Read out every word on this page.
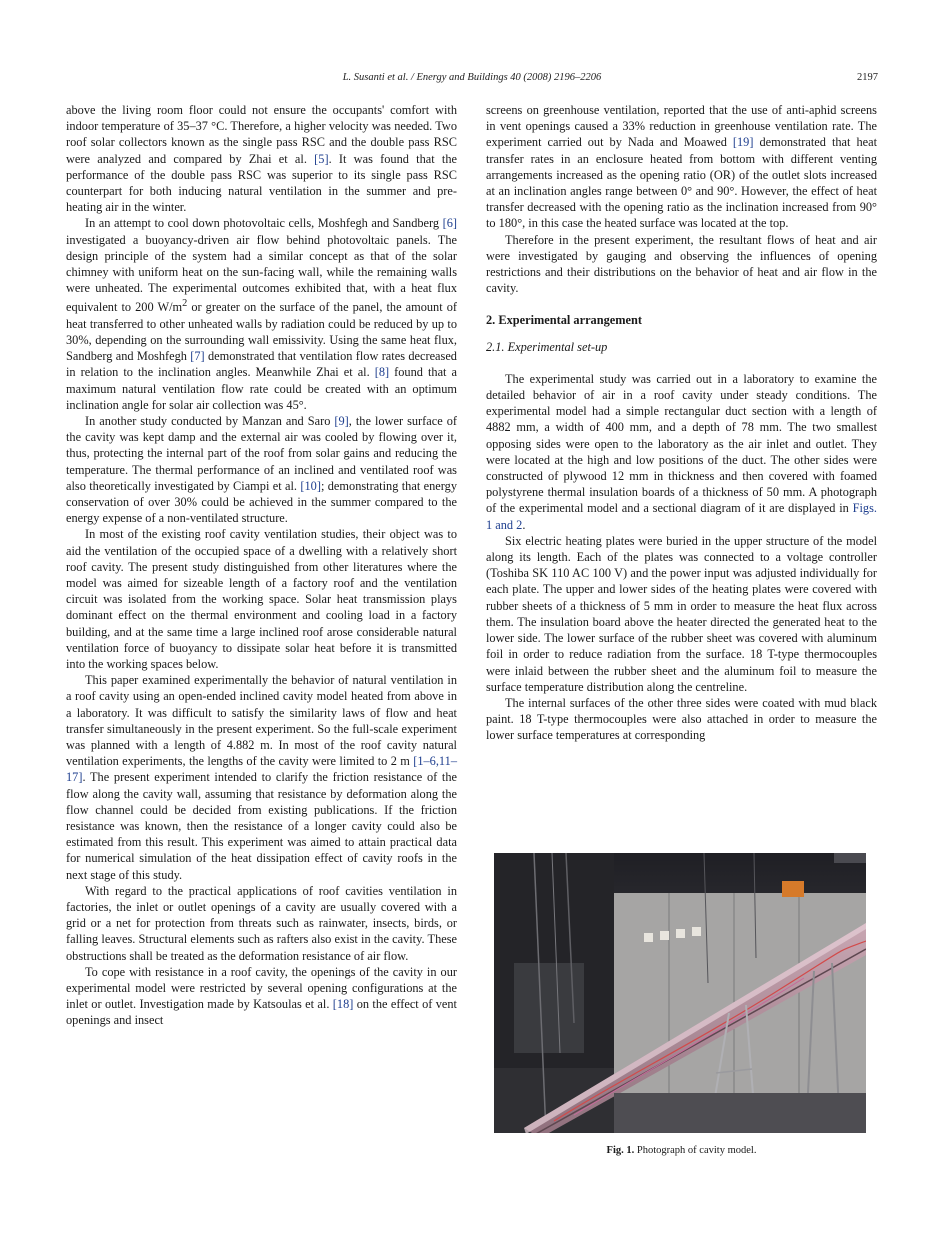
L. Susanti et al. / Energy and Buildings 40 (2008) 2196–2206	2197

above the living room floor could not ensure the occupants' comfort with indoor temperature of 35–37 °C. Therefore, a higher velocity was needed. Two roof solar collectors known as the single pass RSC and the double pass RSC were analyzed and compared by Zhai et al. [5]. It was found that the performance of the double pass RSC was superior to its single pass RSC counterpart for both inducing natural ventilation in the summer and pre-heating air in the winter.

In an attempt to cool down photovoltaic cells, Moshfegh and Sandberg [6] investigated a buoyancy-driven air flow behind photovoltaic panels. The design principle of the system had a similar concept as that of the solar chimney with uniform heat on the sun-facing wall, while the remaining walls were unheated. The experimental outcomes exhibited that, with a heat flux equivalent to 200 $W/m^2$ or greater on the surface of the panel, the amount of heat transferred to other unheated walls by radiation could be reduced by up to 30%, depending on the surrounding wall emissivity. Using the same heat flux, Sandberg and Moshfegh [7] demonstrated that ventilation flow rates decreased in relation to the inclination angles. Meanwhile Zhai et al. [8] found that a maximum natural ventilation flow rate could be created with an optimum inclination angle for solar air collection was 45°.

In another study conducted by Manzan and Saro [9], the lower surface of the cavity was kept damp and the external air was cooled by flowing over it, thus, protecting the internal part of the roof from solar gains and reducing the temperature. The thermal performance of an inclined and ventilated roof was also theoretically investigated by Ciampi et al. [10]; demonstrating that energy conservation of over 30% could be achieved in the summer compared to the energy expense of a non-ventilated structure.

In most of the existing roof cavity ventilation studies, their object was to aid the ventilation of the occupied space of a dwelling with a relatively short roof cavity. The present study distinguished from other literatures where the model was aimed for sizeable length of a factory roof and the ventilation circuit was isolated from the working space. Solar heat transmission plays dominant effect on the thermal environment and cooling load in a factory building, and at the same time a large inclined roof arose considerable natural ventilation force of buoyancy to dissipate solar heat before it is transmitted into the working spaces below.

This paper examined experimentally the behavior of natural ventilation in a roof cavity using an open-ended inclined cavity model heated from above in a laboratory. It was difficult to satisfy the similarity laws of flow and heat transfer simultaneously in the present experiment. So the full-scale experiment was planned with a length of 4.882 m. In most of the roof cavity natural ventilation experiments, the lengths of the cavity were limited to 2 m [1–6,11–17]. The present experiment intended to clarify the friction resistance of the flow along the cavity wall, assuming that resistance by deformation along the flow channel could be decided from existing publications. If the friction resistance was known, then the resistance of a longer cavity could also be estimated from this result. This experiment was aimed to attain practical data for numerical simulation of the heat dissipation effect of cavity roofs in the next stage of this study.

With regard to the practical applications of roof cavities ventilation in factories, the inlet or outlet openings of a cavity are usually covered with a grid or a net for protection from threats such as rainwater, insects, birds, or falling leaves. Structural elements such as rafters also exist in the cavity. These obstructions shall be treated as the deformation resistance of air flow.

To cope with resistance in a roof cavity, the openings of the cavity in our experimental model were restricted by several opening configurations at the inlet or outlet. Investigation made by Katsoulas et al. [18] on the effect of vent openings and insect

screens on greenhouse ventilation, reported that the use of anti-aphid screens in vent openings caused a 33% reduction in greenhouse ventilation rate. The experiment carried out by Nada and Moawed [19] demonstrated that heat transfer rates in an enclosure heated from bottom with different venting arrangements increased as the opening ratio (OR) of the outlet slots increased at an inclination angles range between 0° and 90°. However, the effect of heat transfer decreased with the opening ratio as the inclination increased from 90° to 180°, in this case the heated surface was located at the top.

Therefore in the present experiment, the resultant flows of heat and air were investigated by gauging and observing the influences of opening restrictions and their distributions on the behavior of heat and air flow in the cavity.

2. Experimental arrangement
2.1. Experimental set-up

The experimental study was carried out in a laboratory to examine the detailed behavior of air in a roof cavity under steady conditions. The experimental model had a simple rectangular duct section with a length of 4882 mm, a width of 400 mm, and a depth of 78 mm. The two smallest opposing sides were open to the laboratory as the air inlet and outlet. They were located at the high and low positions of the duct. The other sides were constructed of plywood 12 mm in thickness and then covered with foamed polystyrene thermal insulation boards of a thickness of 50 mm. A photograph of the experimental model and a sectional diagram of it are displayed in Figs. 1 and 2.

Six electric heating plates were buried in the upper structure of the model along its length. Each of the plates was connected to a voltage controller (Toshiba SK 110 AC 100 V) and the power input was adjusted individually for each plate. The upper and lower sides of the heating plates were covered with rubber sheets of a thickness of 5 mm in order to measure the heat flux across them. The insulation board above the heater directed the generated heat to the lower side. The lower surface of the rubber sheet was covered with aluminum foil in order to reduce radiation from the surface. 18 T-type thermocouples were inlaid between the rubber sheet and the aluminum foil to measure the surface temperature distribution along the centreline.

The internal surfaces of the other three sides were coated with mud black paint. 18 T-type thermocouples were also attached in order to measure the lower surface temperatures at corresponding

Fig. 1. Photograph of cavity model.
